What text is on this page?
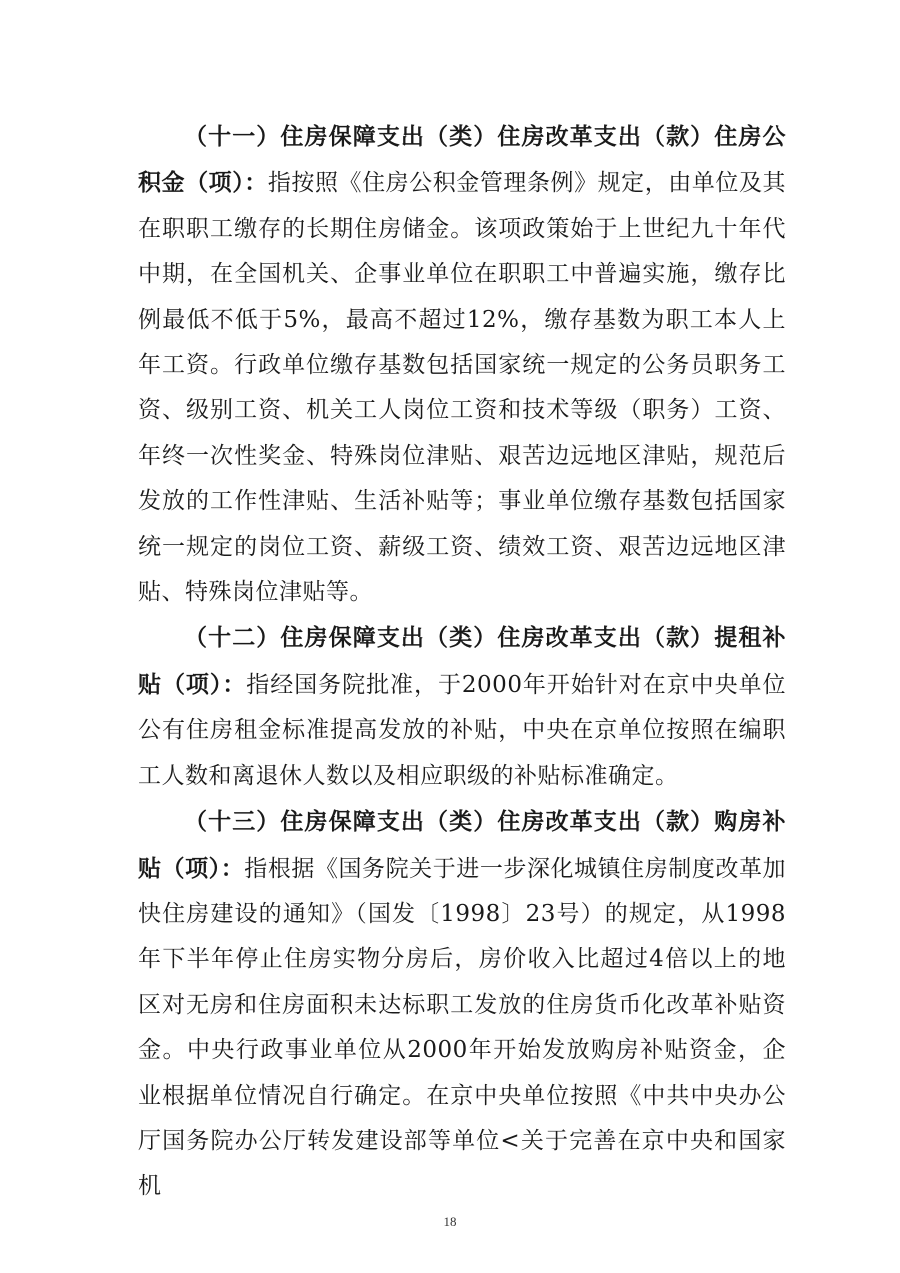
（十一）住房保障支出（类）住房改革支出（款）住房公积金（项）：指按照《住房公积金管理条例》规定，由单位及其在职职工缴存的长期住房储金。该项政策始于上世纪九十年代中期，在全国机关、企事业单位在职职工中普遍实施，缴存比例最低不低于5%，最高不超过12%，缴存基数为职工本人上年工资。行政单位缴存基数包括国家统一规定的公务员职务工资、级别工资、机关工人岗位工资和技术等级（职务）工资、年终一次性奖金、特殊岗位津贴、艰苦边远地区津贴，规范后发放的工作性津贴、生活补贴等；事业单位缴存基数包括国家统一规定的岗位工资、薪级工资、绩效工资、艰苦边远地区津贴、特殊岗位津贴等。

（十二）住房保障支出（类）住房改革支出（款）提租补贴（项）：指经国务院批准，于2000年开始针对在京中央单位公有住房租金标准提高发放的补贴，中央在京单位按照在编职工人数和离退休人数以及相应职级的补贴标准确定。

（十三）住房保障支出（类）住房改革支出（款）购房补贴（项）：指根据《国务院关于进一步深化城镇住房制度改革加快住房建设的通知》（国发〔1998〕23号）的规定，从1998年下半年停止住房实物分房后，房价收入比超过4倍以上的地区对无房和住房面积未达标职工发放的住房货币化改革补贴资金。中央行政事业单位从2000年开始发放购房补贴资金，企业根据单位情况自行确定。在京中央单位按照《中共中央办公厅国务院办公厅转发建设部等单位<关于完善在京中央和国家机

18
